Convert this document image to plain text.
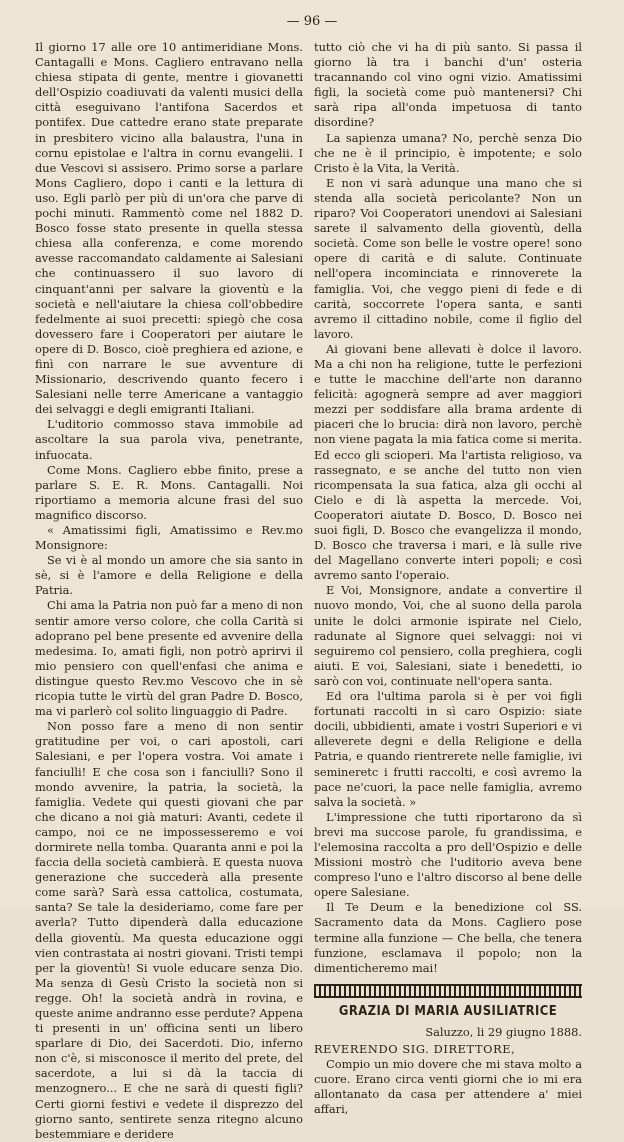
— 96 —

Il giorno 17 alle ore 10 antimeridiane Mons. Cantagalli e Mons. Cagliero entravano nella chiesa stipata di gente, mentre i giovanetti dell'Ospizio coadiuvati da valenti musici della città eseguivano l'antifona Sacerdos et pontifex. Due cattedre erano state preparate in presbitero vicino alla balaustra, l'una in cornu epistolae e l'altra in cornu evangelii. I due Vescovi si assisero. Primo sorse a parlare Mons Cagliero, dopo i canti e la lettura di uso. Egli parlò per più di un'ora che parve di pochi minuti. Rammentò come nel 1882 D. Bosco fosse stato presente in quella stessa chiesa alla conferenza, e come morendo avesse raccomandato caldamente ai Salesiani che continuassero il suo lavoro di cinquant'anni per salvare la gioventù e la società e nell'aiutare la chiesa coll'obbedire fedelmente ai suoi precetti: spiegò che cosa dovessero fare i Cooperatori per aiutare le opere di D. Bosco, cioè preghiera ed azione, e finì con narrare le sue avventure di Missionario, descrivendo quanto fecero i Salesiani nelle terre Americane a vantaggio dei selvaggi e degli emigranti Italiani.

L'uditorio commosso stava immobile ad ascoltare la sua parola viva, penetrante, infuocata.

Come Mons. Cagliero ebbe finito, prese a parlare S. E. R. Mons. Cantagalli. Noi riportiamo a memoria alcune frasi del suo magnifico discorso.

« Amatissimi figli, Amatissimo e Rev.mo Monsignore:

Se vi è al mondo un amore che sia santo in sè, si è l'amore e della Religione e della Patria.

Chi ama la Patria non può far a meno di non sentir amore verso colore, che colla Carità si adoprano pel bene presente ed avvenire della medesima. Io, amati figli, non potrò aprirvi il mio pensiero con quell'enfasi che anima e distingue questo Rev.mo Vescovo che in sè ricopia tutte le virtù del gran Padre D. Bosco, ma vi parlerò col solito linguaggio di Padre.

Non posso fare a meno di non sentir gratitudine per voi, o cari apostoli, cari Salesiani, e per l'opera vostra. Voi amate i fanciulli! E che cosa son i fanciulli? Sono il mondo avvenire, la patria, la società, la famiglia. Vedete qui questi giovani che par che dicano a noi già maturi: Avanti, cedete il campo, noi ce ne impossesseremo e voi dormirete nella tomba. Quaranta anni e poi la faccia della società cambierà. E questa nuova generazione che succederà alla presente come sarà? Sarà essa cattolica, costumata, santa? Se tale la desideriamo, come fare per averla? Tutto dipenderà dalla educazione della gioventù. Ma questa educazione oggi vien contrastata ai nostri giovani. Tristi tempi per la gioventù! Si vuole educare senza Dio. Ma senza di Gesù Cristo la società non si regge. Oh! la società andrà in rovina, e queste anime andranno esse perdute? Appena ti presenti in un' officina senti un libero sparlare di Dio, dei Sacerdoti. Dio, inferno non c'è, si misconosce il merito del prete, del sacerdote, a lui si dà la taccia di menzognero... E che ne sarà di questi figli? Certi giorni festivi e vedete il disprezzo del giorno santo, sentirete senza ritegno alcuno bestemmiare e deridere

tutto ciò che vi ha di più santo. Si passa il giorno là tra i banchi d'un' osteria tracannando col vino ogni vizio. Amatissimi figli, la società come può mantenersi? Chi sarà ripa all'onda impetuosa di tanto disordine?

La sapienza umana? No, perchè senza Dio che ne è il principio, è impotente; e solo Cristo è la Vita, la Verità.

E non vi sarà adunque una mano che si stenda alla società pericolante? Non un riparo? Voi Cooperatori unendovi ai Salesiani sarete il salvamento della gioventù, della società. Come son belle le vostre opere! sono opere di carità e di salute. Continuate nell'opera incominciata e rinnoverete la famiglia. Voi, che veggo pieni di fede e di carità, soccorrete l'opera santa, e santi avremo il cittadino nobile, come il figlio del lavoro.

Ai giovani bene allevati è dolce il lavoro. Ma a chi non ha religione, tutte le perfezioni e tutte le macchine dell'arte non daranno felicità: agognerà sempre ad aver maggiori mezzi per soddisfare alla brama ardente di piaceri che lo brucia: dirà non lavoro, perchè non viene pagata la mia fatica come si merita. Ed ecco gli scioperi. Ma l'artista religioso, va rassegnato, e se anche del tutto non vien ricompensata la sua fatica, alza gli occhi al Cielo e di là aspetta la mercede. Voi, Cooperatori aiutate D. Bosco, D. Bosco nei suoi figli, D. Bosco che evangelizza il mondo, D. Bosco che traversa i mari, e là sulle rive del Magellano converte interi popoli; e così avremo santo l'operaio.

E Voi, Monsignore, andate a convertire il nuovo mondo, Voi, che al suono della parola unite le dolci armonie ispirate nel Cielo, radunate al Signore quei selvaggi: noi vi seguiremo col pensiero, colla preghiera, cogli aiuti. E voi, Salesiani, siate i benedetti, io sarò con voi, continuate nell'opera santa.

Ed ora l'ultima parola si è per voi figli fortunati raccolti in sì caro Ospizio: siate docili, ubbidienti, amate i vostri Superiori e vi alleverete degni e della Religione e della Patria, e quando rientrerete nelle famiglie, ivi semineretc i frutti raccolti, e così avremo la pace ne'cuori, la pace nelle famiglia, avremo salva la società. »

L'impressione che tutti riportarono da sì brevi ma succose parole, fu grandissima, e l'elemosina raccolta a pro dell'Ospizio e delle Missioni mostrò che l'uditorio aveva bene compreso l'uno e l'altro discorso al bene delle opere Salesiane.

Il Te Deum e la benedizione col SS. Sacramento data da Mons. Cagliero pose termine alla funzione — Che bella, che tenera funzione, esclamava il popolo; non la dimenticheremo mai!

GRAZIA DI MARIA AUSILIATRICE
Saluzzo, li 29 giugno 1888.

REVERENDO SIG. DIRETTORE,

Compio un mio dovere che mi stava molto a cuore. Erano circa venti giorni che io mi era allontanato da casa per attendere a' miei affari,
